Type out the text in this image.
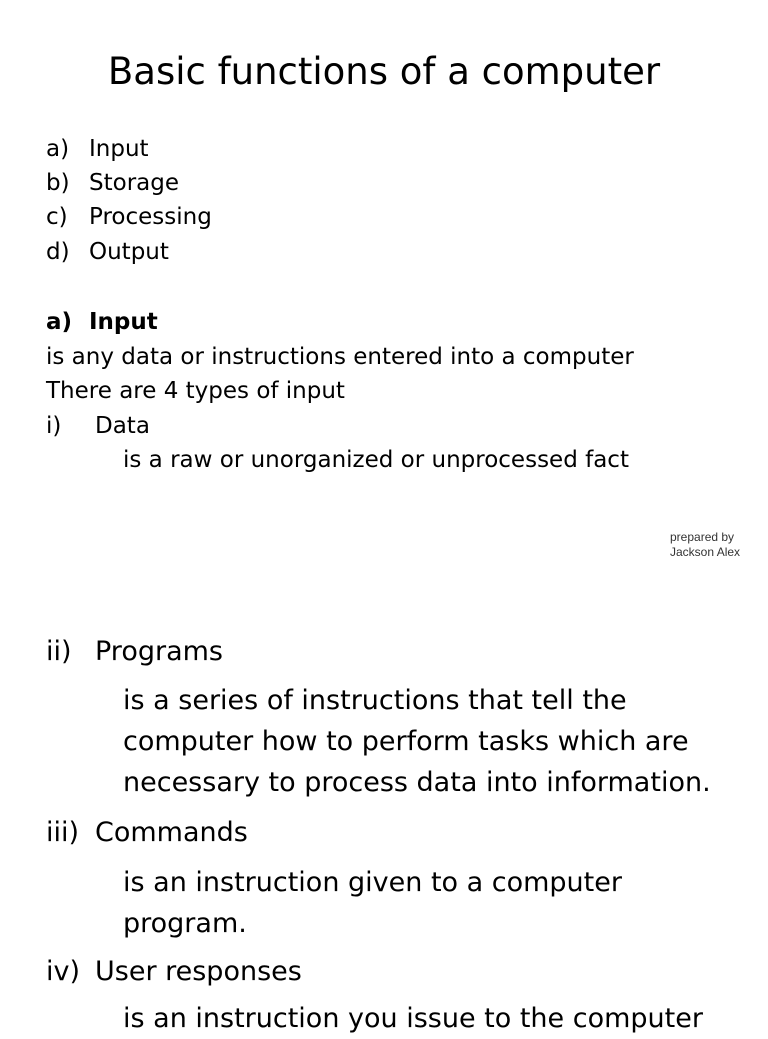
Basic functions of a computer
a) Input
b) Storage
c) Processing
d) Output
a) Input
is any data or instructions entered into a computer
There are 4 types of input
i) Data
is a raw or unorganized or unprocessed fact
prepared by
Jackson Alex
ii) Programs
is a series of instructions that tell the
computer how to perform tasks which are
necessary to process data into information.
iii) Commands
is an instruction given to a computer
program.
iv) User responses
is an instruction you issue to the computer
